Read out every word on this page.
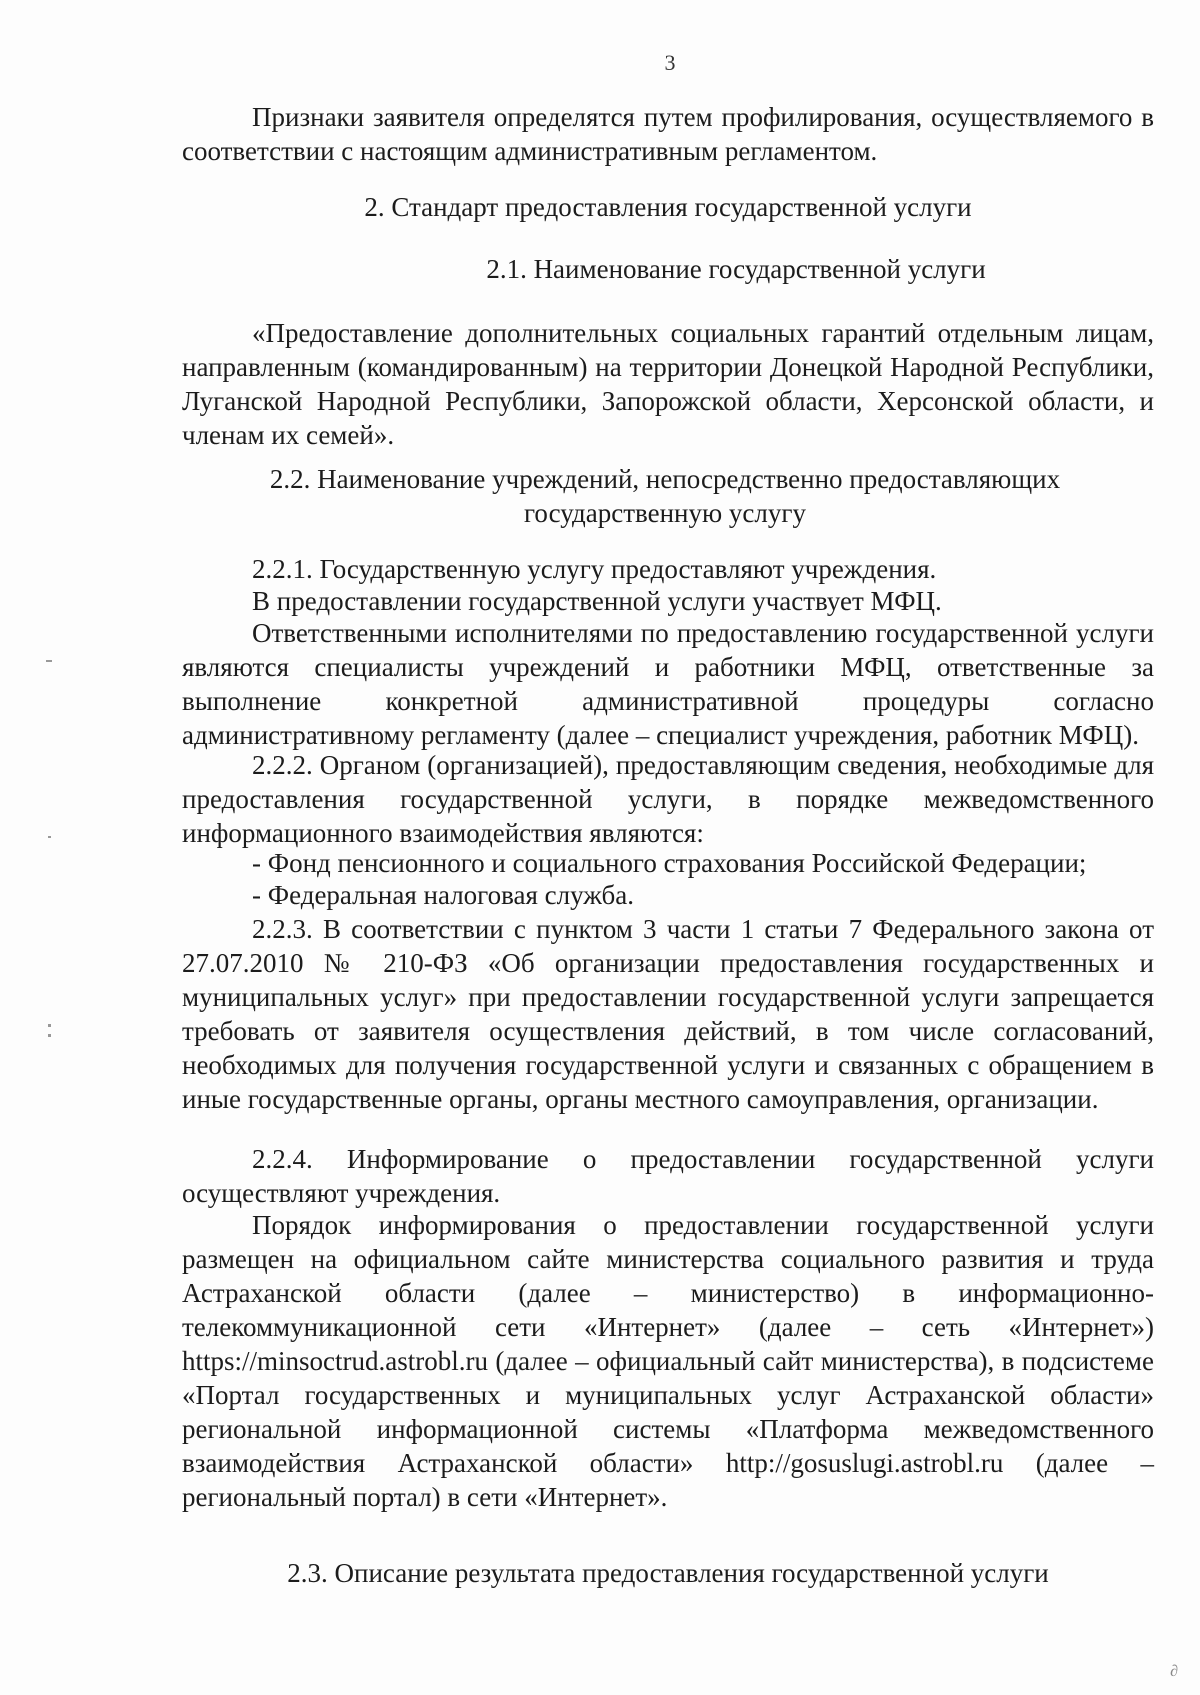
3

Признаки заявителя определятся путем профилирования, осуществляемого в соответствии с настоящим административным регламентом.

2. Стандарт предоставления государственной услуги

2.1. Наименование государственной услуги

«Предоставление дополнительных социальных гарантий отдельным лицам, направленным (командированным) на территории Донецкой Народной Республики, Луганской Народной Республики, Запорожской области, Херсонской области, и членам их семей».

2.2. Наименование учреждений, непосредственно предоставляющих государственную услугу

2.2.1. Государственную услугу предоставляют учреждения.

В предоставлении государственной услуги участвует МФЦ.

Ответственными исполнителями по предоставлению государственной услуги являются специалисты учреждений и работники МФЦ, ответственные за выполнение конкретной административной процедуры согласно административному регламенту (далее – специалист учреждения, работник МФЦ).

2.2.2. Органом (организацией), предоставляющим сведения, необходимые для предоставления государственной услуги, в порядке межведомственного информационного взаимодействия являются:

- Фонд пенсионного и социального страхования Российской Федерации;

- Федеральная налоговая служба.

2.2.3. В соответствии с пунктом 3 части 1 статьи 7 Федерального закона от 27.07.2010 № 210-ФЗ «Об организации предоставления государственных и муниципальных услуг» при предоставлении государственной услуги запрещается требовать от заявителя осуществления действий, в том числе согласований, необходимых для получения государственной услуги и связанных с обращением в иные государственные органы, органы местного самоуправления, организации.

2.2.4. Информирование о предоставлении государственной услуги осуществляют учреждения.

Порядок информирования о предоставлении государственной услуги размещен на официальном сайте министерства социального развития и труда Астраханской области (далее – министерство) в информационно-телекоммуникационной сети «Интернет» (далее – сеть «Интернет») https://minsoctrud.astrobl.ru (далее – официальный сайт министерства), в подсистеме «Портал государственных и муниципальных услуг Астраханской области» региональной информационной системы «Платформа межведомственного взаимодействия Астраханской области» http://gosuslugi.astrobl.ru (далее – региональный портал) в сети «Интернет».

2.3. Описание результата предоставления государственной услуги

∂
